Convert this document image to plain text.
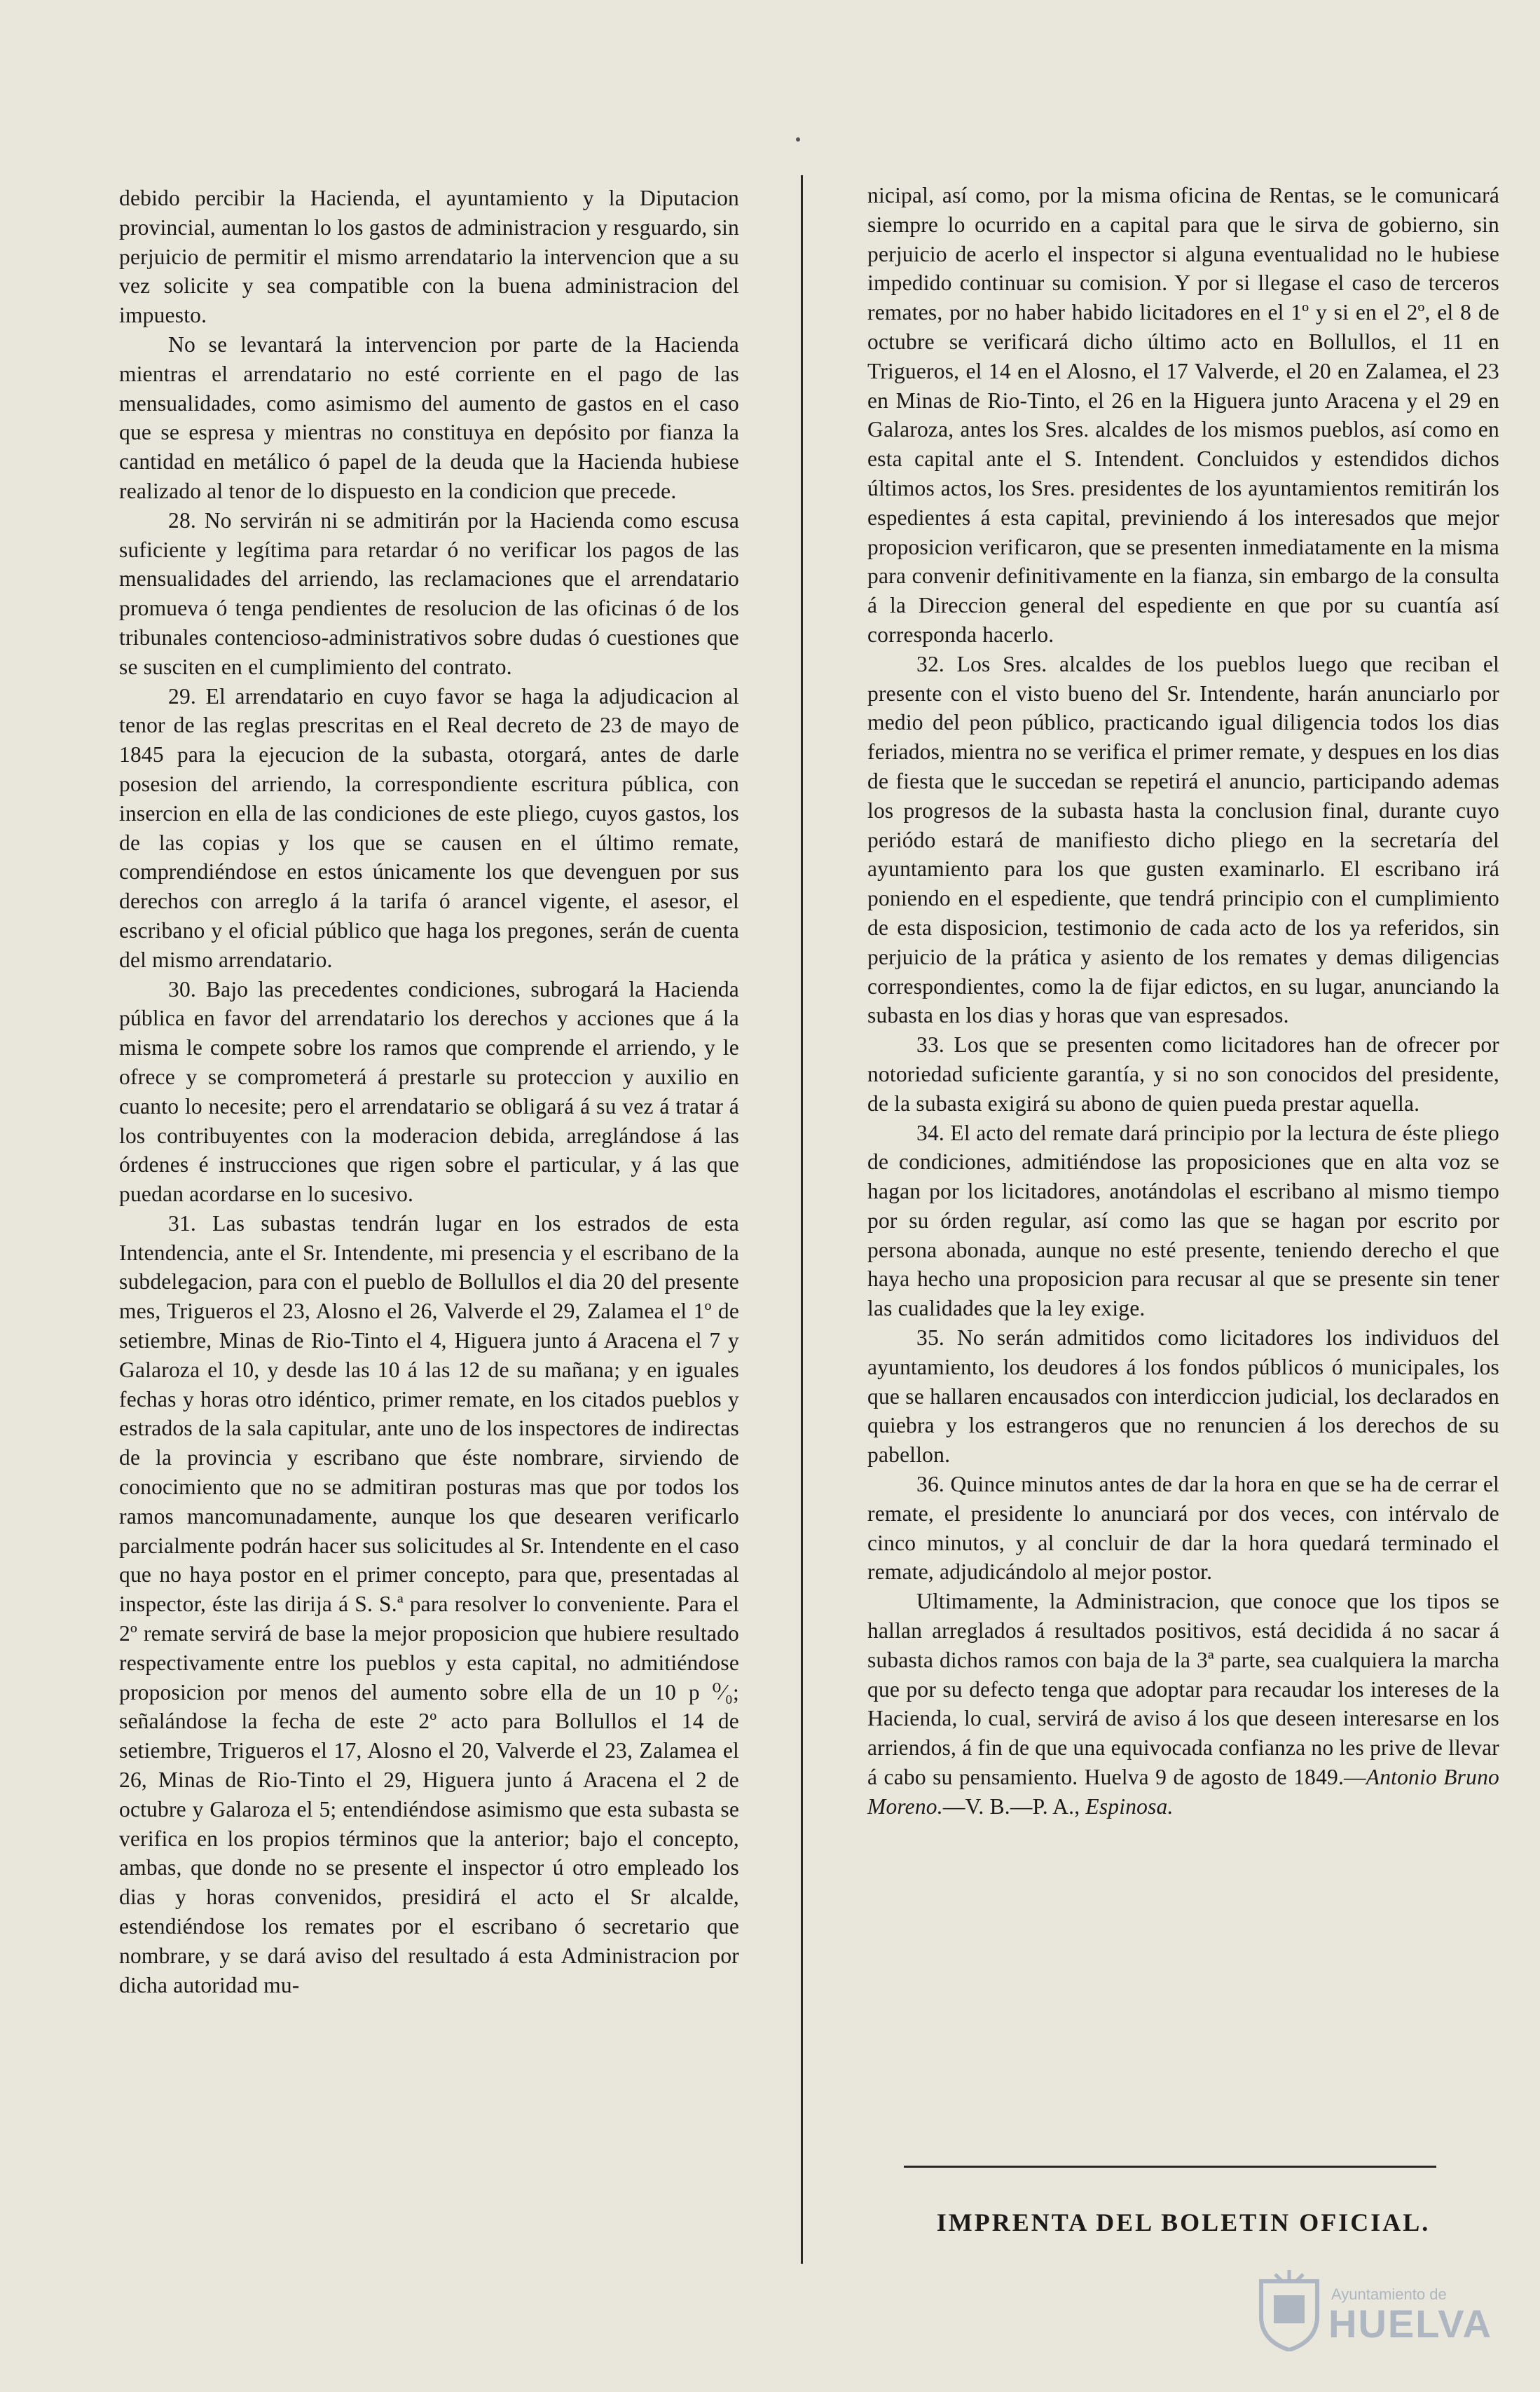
debido percibir la Hacienda, el ayuntamiento y la Diputacion provincial, aumentan lo los gastos de administracion y resguardo, sin perjuicio de permitir el mismo arrendatario la intervencion que a su vez solicite y sea compatible con la buena administracion del impuesto.

No se levantará la intervencion por parte de la Hacienda mientras el arrendatario no esté corriente en el pago de las mensualidades, como asimismo del aumento de gastos en el caso que se espresa y mientras no constituya en depósito por fianza la cantidad en metálico ó papel de la deuda que la Hacienda hubiese realizado al tenor de lo dispuesto en la condicion que precede.

28. No servirán ni se admitirán por la Hacienda como escusa suficiente y legítima para retardar ó no verificar los pagos de las mensualidades del arriendo, las reclamaciones que el arrendatario promueva ó tenga pendientes de resolucion de las oficinas ó de los tribunales contencioso-administrativos sobre dudas ó cuestiones que se susciten en el cumplimiento del contrato.

29. El arrendatario en cuyo favor se haga la adjudicacion al tenor de las reglas prescritas en el Real decreto de 23 de mayo de 1845 para la ejecucion de la subasta, otorgará, antes de darle posesion del arriendo, la correspondiente escritura pública, con insercion en ella de las condiciones de este pliego, cuyos gastos, los de las copias y los que se causen en el último remate, comprendiéndose en estos únicamente los que devenguen por sus derechos con arreglo á la tarifa ó arancel vigente, el asesor, el escribano y el oficial público que haga los pregones, serán de cuenta del mismo arrendatario.

30. Bajo las precedentes condiciones, subrogará la Hacienda pública en favor del arrendatario los derechos y acciones que á la misma le compete sobre los ramos que comprende el arriendo, y le ofrece y se comprometerá á prestarle su proteccion y auxilio en cuanto lo necesite; pero el arrendatario se obligará á su vez á tratar á los contribuyentes con la moderacion debida, arreglándose á las órdenes é instrucciones que rigen sobre el particular, y á las que puedan acordarse en lo sucesivo.

31. Las subastas tendrán lugar en los estrados de esta Intendencia, ante el Sr. Intendente, mi presencia y el escribano de la subdelegacion, para con el pueblo de Bollullos el dia 20 del presente mes, Trigueros el 23, Alosno el 26, Valverde el 29, Zalamea el 1º de setiembre, Minas de Rio-Tinto el 4, Higuera junto á Aracena el 7 y Galaroza el 10, y desde las 10 á las 12 de su mañana; y en iguales fechas y horas otro idéntico, primer remate, en los citados pueblos y estrados de la sala capitular, ante uno de los inspectores de indirectas de la provincia y escribano que éste nombrare, sirviendo de conocimiento que no se admitiran posturas mas que por todos los ramos mancomunadamente, aunque los que desearen verificarlo parcialmente podrán hacer sus solicitudes al Sr. Intendente en el caso que no haya postor en el primer concepto, para que, presentadas al inspector, éste las dirija á S. S.ª para resolver lo conveniente. Para el 2º remate servirá de base la mejor proposicion que hubiere resultado respectivamente entre los pueblos y esta capital, no admitiéndose proposicion por menos del aumento sobre ella de un 10 p ⁰⁄₀; señalándose la fecha de este 2º acto para Bollullos el 14 de setiembre, Trigueros el 17, Alosno el 20, Valverde el 23, Zalamea el 26, Minas de Rio-Tinto el 29, Higuera junto á Aracena el 2 de octubre y Galaroza el 5; entendiéndose asimismo que esta subasta se verifica en los propios términos que la anterior; bajo el concepto, ambas, que donde no se presente el inspector ú otro empleado los dias y horas convenidos, presidirá el acto el Sr alcalde, estendiéndose los remates por el escribano ó secretario que nombrare, y se dará aviso del resultado á esta Administracion por dicha autoridad mu-

nicipal, así como, por la misma oficina de Rentas, se le comunicará siempre lo ocurrido en a capital para que le sirva de gobierno, sin perjuicio de acerlo el inspector si alguna eventualidad no le hubiese impedido continuar su comision. Y por si llegase el caso de terceros remates, por no haber habido licitadores en el 1º y si en el 2º, el 8 de octubre se verificará dicho último acto en Bollullos, el 11 en Trigueros, el 14 en el Alosno, el 17 Valverde, el 20 en Zalamea, el 23 en Minas de Rio-Tinto, el 26 en la Higuera junto Aracena y el 29 en Galaroza, antes los Sres. alcaldes de los mismos pueblos, así como en esta capital ante el S. Intendent. Concluidos y estendidos dichos últimos actos, los Sres. presidentes de los ayuntamientos remitirán los espedientes á esta capital, previniendo á los interesados que mejor proposicion verificaron, que se presenten inmediatamente en la misma para convenir definitivamente en la fianza, sin embargo de la consulta á la Direccion general del espediente en que por su cuantía así corresponda hacerlo.

32. Los Sres. alcaldes de los pueblos luego que reciban el presente con el visto bueno del Sr. Intendente, harán anunciarlo por medio del peon público, practicando igual diligencia todos los dias feriados, mientra no se verifica el primer remate, y despues en los dias de fiesta que le succedan se repetirá el anuncio, participando ademas los progresos de la subasta hasta la conclusion final, durante cuyo periódo estará de manifiesto dicho pliego en la secretaría del ayuntamiento para los que gusten examinarlo. El escribano irá poniendo en el espediente, que tendrá principio con el cumplimiento de esta disposicion, testimonio de cada acto de los ya referidos, sin perjuicio de la prática y asiento de los remates y demas diligencias correspondientes, como la de fijar edictos, en su lugar, anunciando la subasta en los dias y horas que van espresados.

33. Los que se presenten como licitadores han de ofrecer por notoriedad suficiente garantía, y si no son conocidos del presidente, de la subasta exigirá su abono de quien pueda prestar aquella.

34. El acto del remate dará principio por la lectura de éste pliego de condiciones, admitiéndose las proposiciones que en alta voz se hagan por los licitadores, anotándolas el escribano al mismo tiempo por su órden regular, así como las que se hagan por escrito por persona abonada, aunque no esté presente, teniendo derecho el que haya hecho una proposicion para recusar al que se presente sin tener las cualidades que la ley exige.

35. No serán admitidos como licitadores los individuos del ayuntamiento, los deudores á los fondos públicos ó municipales, los que se hallaren encausados con interdiccion judicial, los declarados en quiebra y los estrangeros que no renuncien á los derechos de su pabellon.

36. Quince minutos antes de dar la hora en que se ha de cerrar el remate, el presidente lo anunciará por dos veces, con intérvalo de cinco minutos, y al concluir de dar la hora quedará terminado el remate, adjudicándolo al mejor postor.

Ultimamente, la Administracion, que conoce que los tipos se hallan arreglados á resultados positivos, está decidida á no sacar á subasta dichos ramos con baja de la 3ª parte, sea cualquiera la marcha que por su defecto tenga que adoptar para recaudar los intereses de la Hacienda, lo cual, servirá de aviso á los que deseen interesarse en los arriendos, á fin de que una equivocada confianza no les prive de llevar á cabo su pensamiento. Huelva 9 de agosto de 1849.—Antonio Bruno Moreno.—V. B.—P. A., Espinosa.

IMPRENTA DEL BOLETIN OFICIAL.
Ayuntamiento de
HUELVA
